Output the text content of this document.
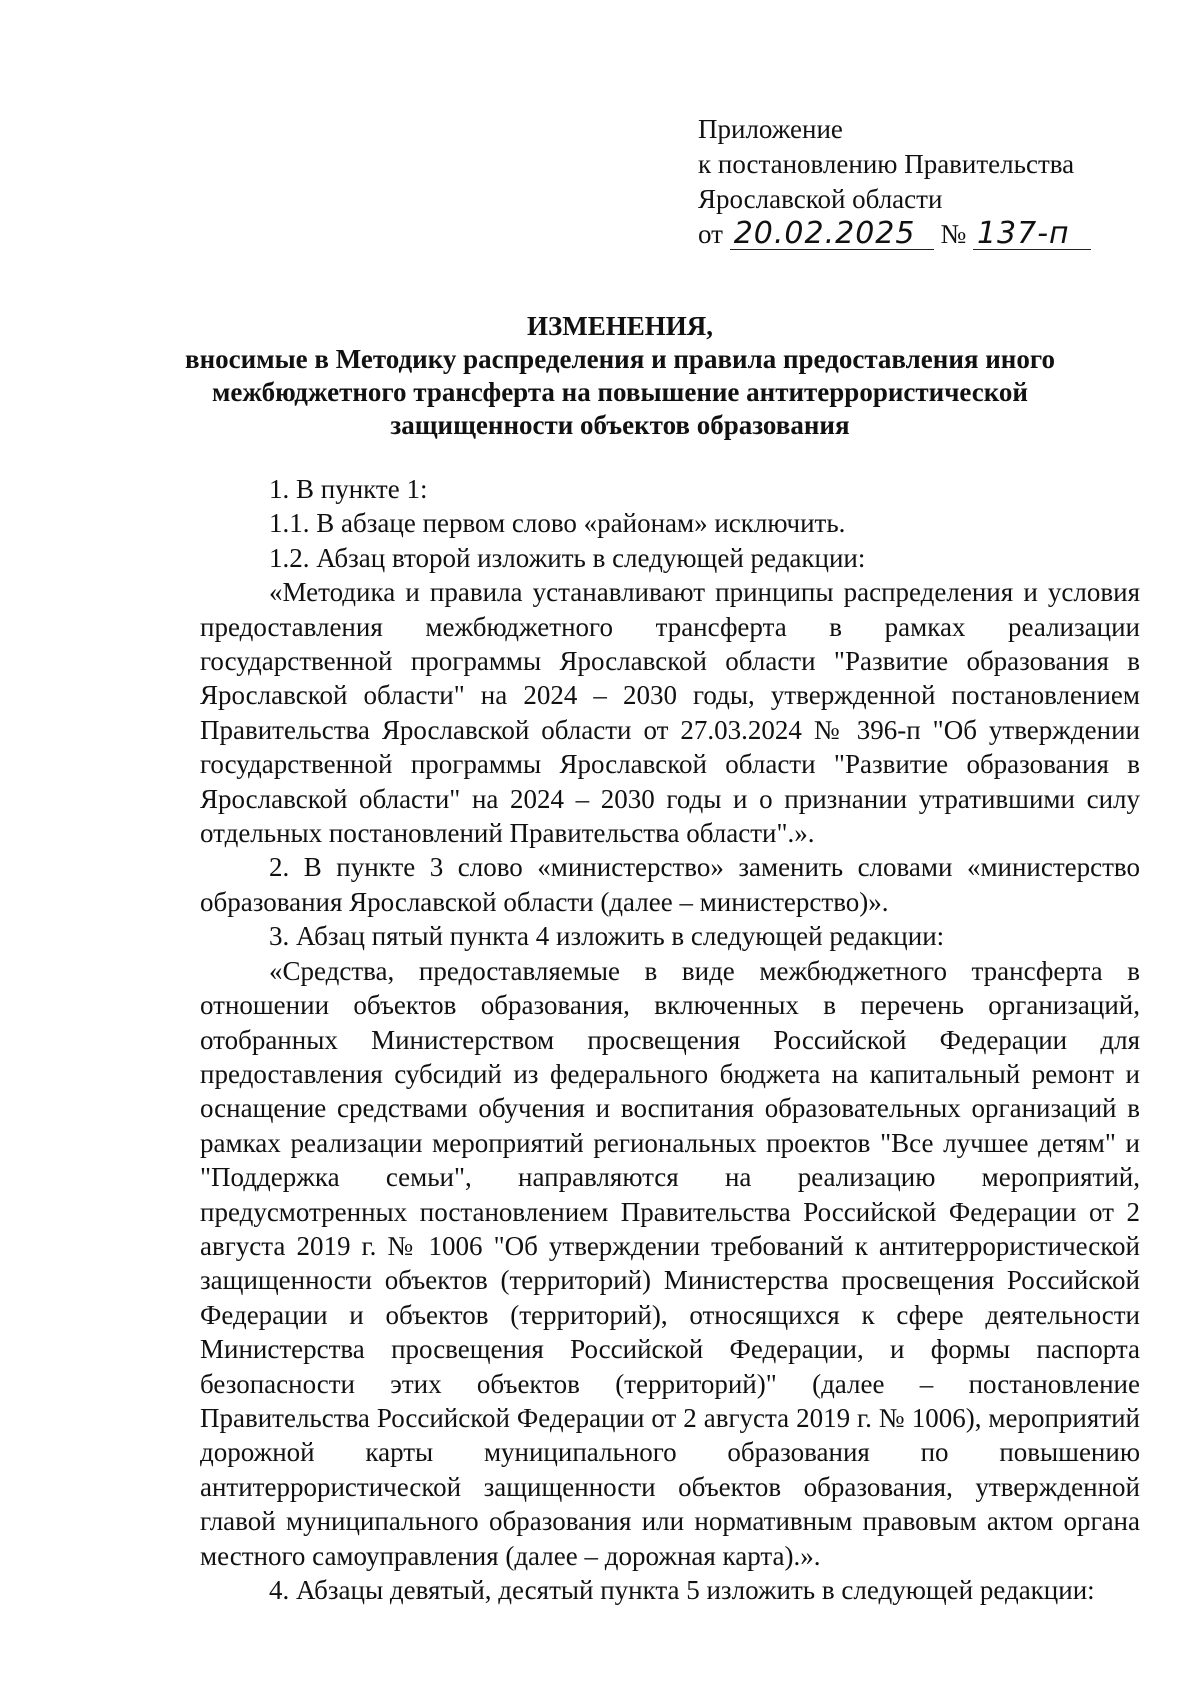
Приложение
к постановлению Правительства
Ярославской области
от 20.02.2025 № 137-п
ИЗМЕНЕНИЯ,
вносимые в Методику распределения и правила предоставления иного межбюджетного трансферта на повышение антитеррористической защищенности объектов образования

1. В пункте 1:

1.1. В абзаце первом слово «районам» исключить.

1.2. Абзац второй изложить в следующей редакции:

«Методика и правила устанавливают принципы распределения и условия предоставления межбюджетного трансферта в рамках реализации государственной программы Ярославской области "Развитие образования в Ярославской области" на 2024 – 2030 годы, утвержденной постановлением Правительства Ярославской области от 27.03.2024 № 396-п "Об утверждении государственной программы Ярославской области "Развитие образования в Ярославской области" на 2024 – 2030 годы и о признании утратившими силу отдельных постановлений Правительства области".».

2. В пункте 3 слово «министерство» заменить словами «министерство образования Ярославской области (далее – министерство)».

3. Абзац пятый пункта 4 изложить в следующей редакции:

«Средства, предоставляемые в виде межбюджетного трансферта в отношении объектов образования, включенных в перечень организаций, отобранных Министерством просвещения Российской Федерации для предоставления субсидий из федерального бюджета на капитальный ремонт и оснащение средствами обучения и воспитания образовательных организаций в рамках реализации мероприятий региональных проектов "Все лучшее детям" и "Поддержка семьи", направляются на реализацию мероприятий, предусмотренных постановлением Правительства Российской Федерации от 2 августа 2019 г. № 1006 "Об утверждении требований к антитеррористической защищенности объектов (территорий) Министерства просвещения Российской Федерации и объектов (территорий), относящихся к сфере деятельности Министерства просвещения Российской Федерации, и формы паспорта безопасности этих объектов (территорий)" (далее – постановление Правительства Российской Федерации от 2 августа 2019 г. № 1006), мероприятий дорожной карты муниципального образования по повышению антитеррористической защищенности объектов образования, утвержденной главой муниципального образования или нормативным правовым актом органа местного самоуправления (далее – дорожная карта).».

4. Абзацы девятый, десятый пункта 5 изложить в следующей редакции:
